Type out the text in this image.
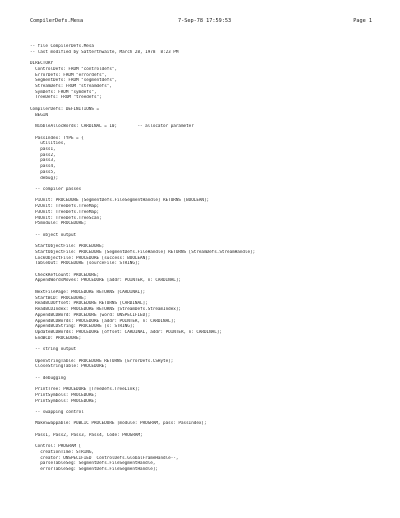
CompilerDefs.Mesa	7-Sep-78 17:59:53	Page 1
-- file CompilerDefs.Mesa
-- last modified by Satterthwaite, March 28, 1978  8:23 PM
DIRECTORY
ControlDefs: FROM "controldefs",
ErrorDefs: FROM "errordefs",
SegmentDefs: FROM "segmentdefs",
StreamDefs: FROM "streamdefs",
SymDefs: FROM "symdefs",
TreeDefs: FROM "treedefs";
CompilerDefs: DEFINITIONS =
BEGIN
NibbleAllocWords: CARDINAL = 10;        -- allocator parameter
PassIndex: TYPE = {
utilities,
pass1,
pass2,
pass3,
pass4,
pass5,
debug};
-- compiler passes
P1Unit: PROCEDURE [SegmentDefs.FileSegmentHandle] RETURNS [BOOLEAN];
P2Unit: TreeDefs.TreeMap;
P3Unit: TreeDefs.TreeMap;
P4Unit: TreeDefs.TreeScan;
P5module: PROCEDURE;
-- object output
StartObjectFile: PROCEDURE;
StartObjectFile: PROCEDURE [SegmentDefs.FileHandle] RETURNS [StreamDefs.StreamHandle];
LockObjectFile: PROCEDURE [success: BOOLEAN];
TableOut: PROCEDURE [sourceFile: STRING];
CheckRefCount: PROCEDURE;
AppendWordsMoves: PROCEDURE [addr: POINTER, n: CARDINAL];
NextFilePage: PROCEDURE RETURNS [CARDINAL];
StartBCD: PROCEDURE;
ReadBCDOffset: PROCEDURE RETURNS [CARDINAL];
ReadBCDIndex: PROCEDURE RETURNS [StreamDefs.StreamIndex];
AppendBCDWord: PROCEDURE [word: UNSPECIFIED];
AppendBCDWords: PROCEDURE [addr: POINTER, n: CARDINAL];
AppendBCDString: PROCEDURE [s: STRING];
UpdateBCDWords: PROCEDURE [offset: CARDINAL, addr: POINTER, n: CARDINAL];
EndBCD: PROCEDURE;
-- string output
OpenStringTable: PROCEDURE RETURNS [ErrorDefs.CSHyte];
CloseStringTable: PROCEDURE;
-- debugging
PrintTree: PROCEDURE [TreeDefs.TreeLink];
PrintSymbols: PROCEDURE;
PrintSymbols: PROCEDURE;
-- swapping control
MakeSwappable: PUBLIC PROCEDURE [module: PROGRAM, pass: PassIndex];
Pass1, Pass2, Pass3, Pass4, Code: PROGRAM;
Control: PROGRAM [
creationTime: STRING,
creator: UNSPECIFIED  ControlDefs.GlobalFrameHandle--,
parseTableSeg: SegmentDefs.FileSegmentHandle,
errorTableSeg: SegmentDefs.FileSegmentHandle];
